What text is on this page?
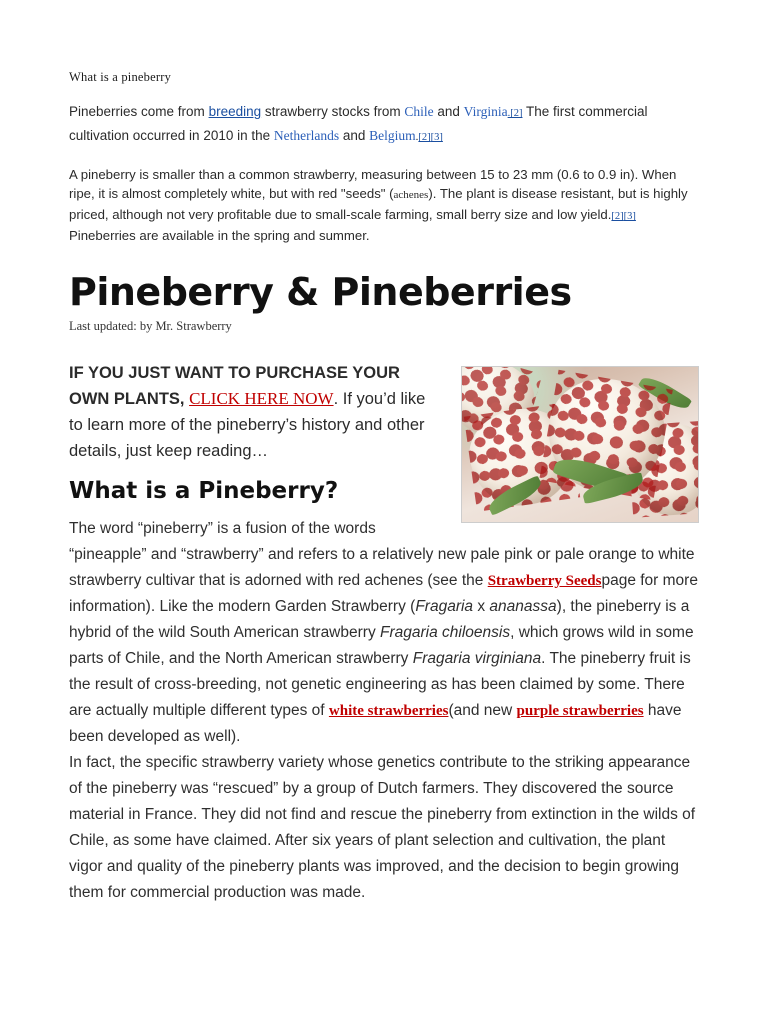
What is a pineberry

Pineberries come from breeding strawberry stocks from Chile and Virginia.[2] The first commercial cultivation occurred in 2010 in the Netherlands and Belgium.[2][3]

A pineberry is smaller than a common strawberry, measuring between 15 to 23 mm (0.6 to 0.9 in). When ripe, it is almost completely white, but with red "seeds" (achenes). The plant is disease resistant, but is highly priced, although not very profitable due to small-scale farming, small berry size and low yield.[2][3] Pineberries are available in the spring and summer.

Pineberry & Pineberries
Last updated: by Mr. Strawberry

IF YOU JUST WANT TO PURCHASE YOUR OWN PLANTS, CLICK HERE NOW. If you’d like to learn more of the pineberry’s history and other details, just keep reading…

What is a Pineberry?

The word “pineberry” is a fusion of the words “pineapple” and “strawberry” and refers to a relatively new pale pink or pale orange to white strawberry cultivar that is adorned with red achenes (see the Strawberry Seedspage for more information). Like the modern Garden Strawberry (Fragaria x ananassa), the pineberry is a hybrid of the wild South American strawberry Fragaria chiloensis, which grows wild in some parts of Chile, and the North American strawberry Fragaria virginiana. The pineberry fruit is the result of cross-breeding, not genetic engineering as has been claimed by some. There are actually multiple different types of white strawberries(and new purple strawberries have been developed as well).

In fact, the specific strawberry variety whose genetics contribute to the striking appearance of the pineberry was “rescued” by a group of Dutch farmers. They discovered the source material in France. They did not find and rescue the pineberry from extinction in the wilds of Chile, as some have claimed. After six years of plant selection and cultivation, the plant vigor and quality of the pineberry plants was improved, and the decision to begin growing them for commercial production was made.
